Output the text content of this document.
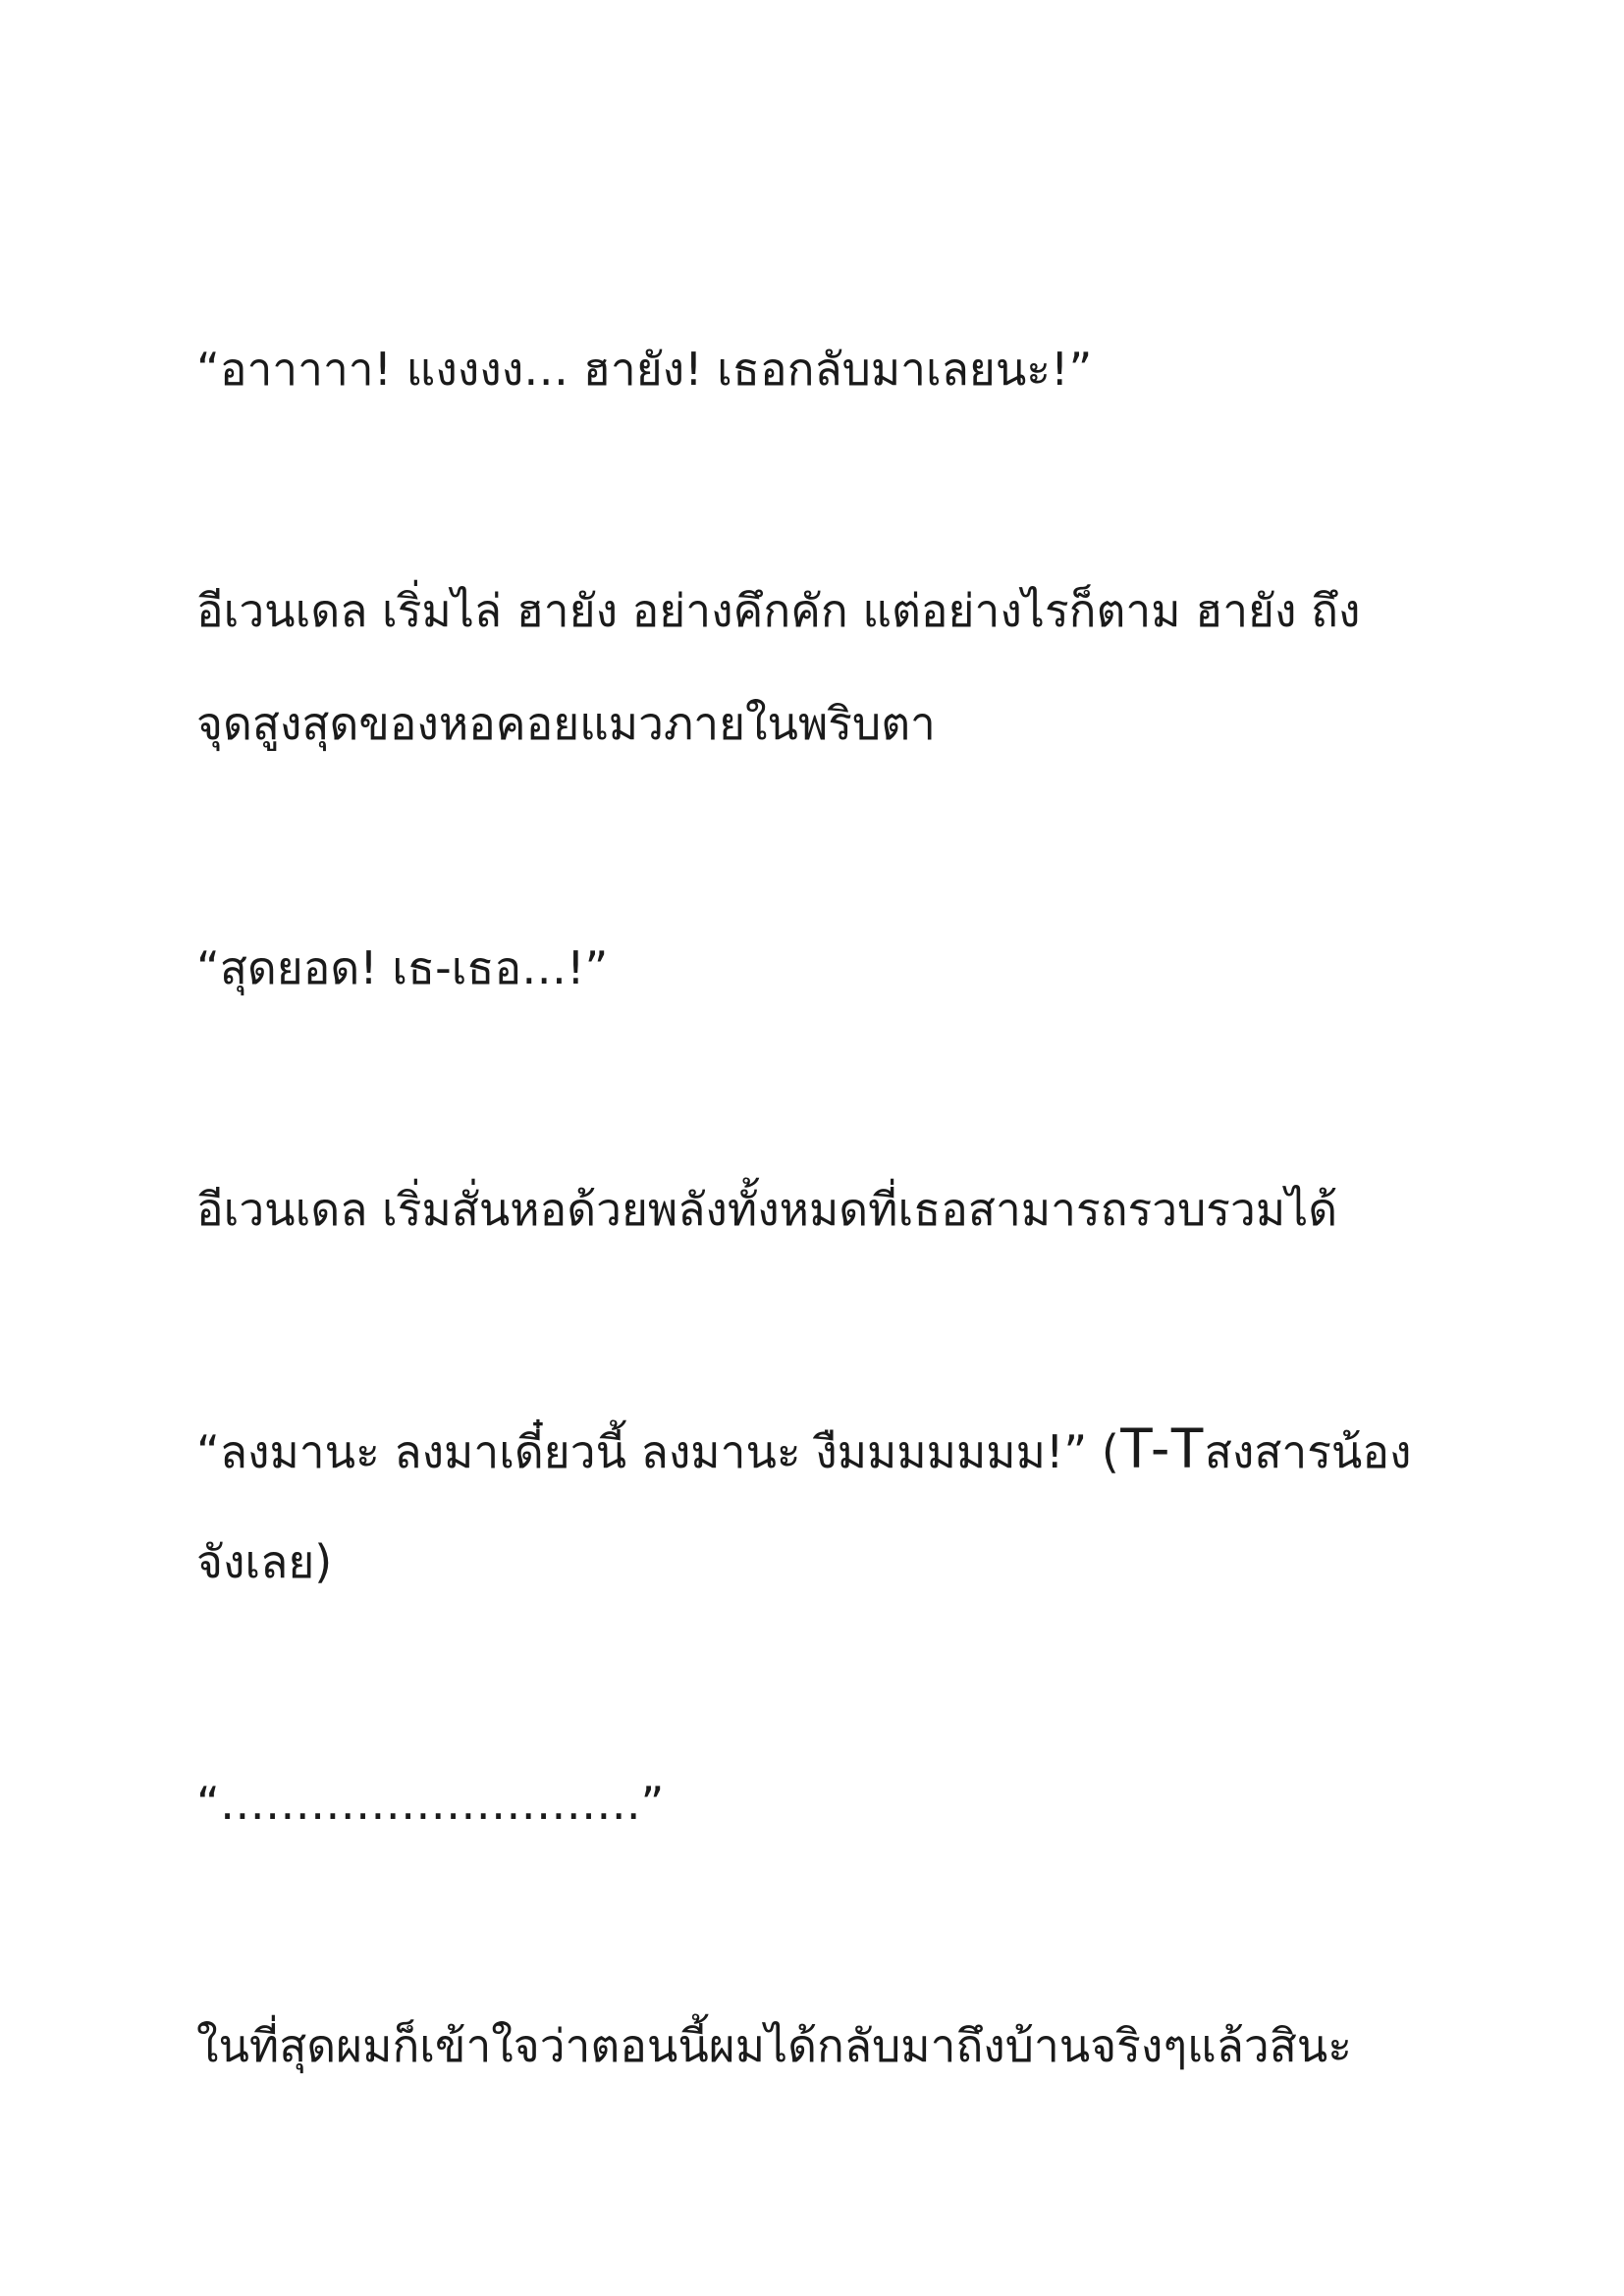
“อาาาาา! แงงงง… ฮายัง! เธอกลับมาเลยนะ!”

อีเวนเดล เริ่มไล่ ฮายัง อย่างคึกคัก แต่อย่างไรก็ตาม ฮายัง ถึง

จุดสูงสุดของหอคอยแมวภายในพริบตา

“สุดยอด! เธ-เธอ…!”

อีเวนเดล เริ่มสั่นหอด้วยพลังทั้งหมดที่เธอสามารถรวบรวมได้

“ลงมานะ ลงมาเดี๋ยวนี้ ลงมานะ งืมมมมมมม!” (T-Tสงสารน้อง

จังเลย)

“……………………….”

ในที่สุดผมก็เข้าใจว่าตอนนี้ผมได้กลับมาถึงบ้านจริงๆแล้วสินะ
